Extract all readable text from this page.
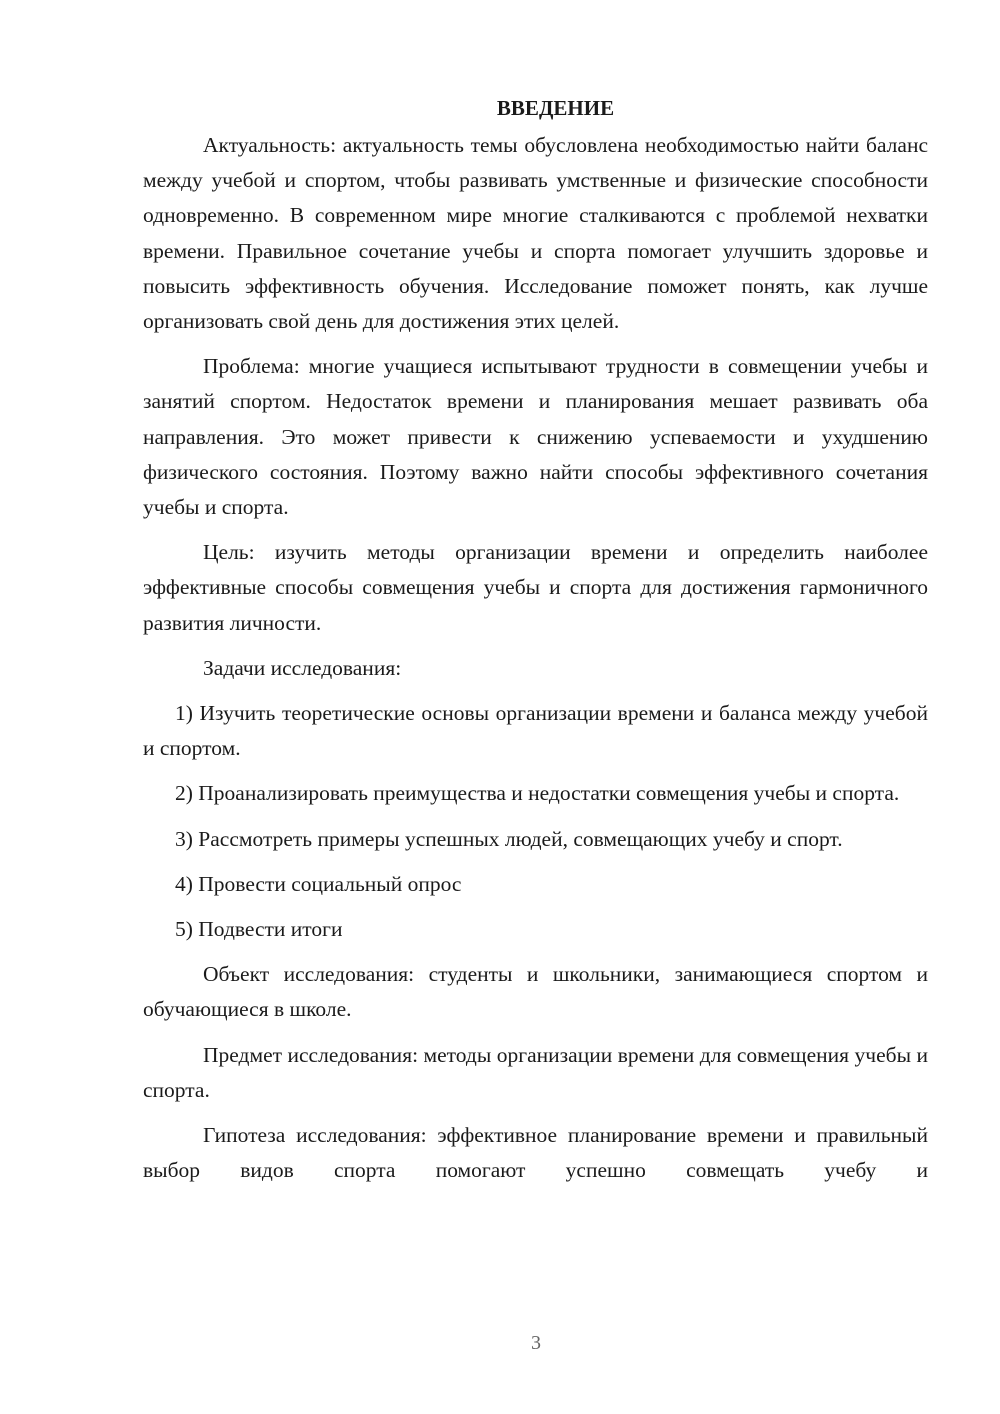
ВВЕДЕНИЕ

Актуальность: актуальность темы обусловлена необходимостью найти баланс между учебой и спортом, чтобы развивать умственные и физические способности одновременно. В современном мире многие сталкиваются с проблемой нехватки времени. Правильное сочетание учебы и спорта помогает улучшить здоровье и повысить эффективность обучения. Исследование поможет понять, как лучше организовать свой день для достижения этих целей.

Проблема: многие учащиеся испытывают трудности в совмещении учебы и занятий спортом. Недостаток времени и планирования мешает развивать оба направления. Это может привести к снижению успеваемости и ухудшению физического состояния. Поэтому важно найти способы эффективного сочетания учебы и спорта.

Цель: изучить методы организации времени и определить наиболее эффективные способы совмещения учебы и спорта для достижения гармоничного развития личности.

Задачи исследования:

1) Изучить теоретические основы организации времени и баланса между учебой и спортом.

2) Проанализировать преимущества и недостатки совмещения учебы и спорта.

3) Рассмотреть примеры успешных людей, совмещающих учебу и спорт.

4) Провести социальный опрос

5) Подвести итоги

Объект исследования: студенты и школьники, занимающиеся спортом и обучающиеся в школе.

Предмет исследования: методы организации времени для совмещения учебы и спорта.

Гипотеза исследования: эффективное планирование времени и правильный выбор видов спорта помогают успешно совмещать учебу и

3
